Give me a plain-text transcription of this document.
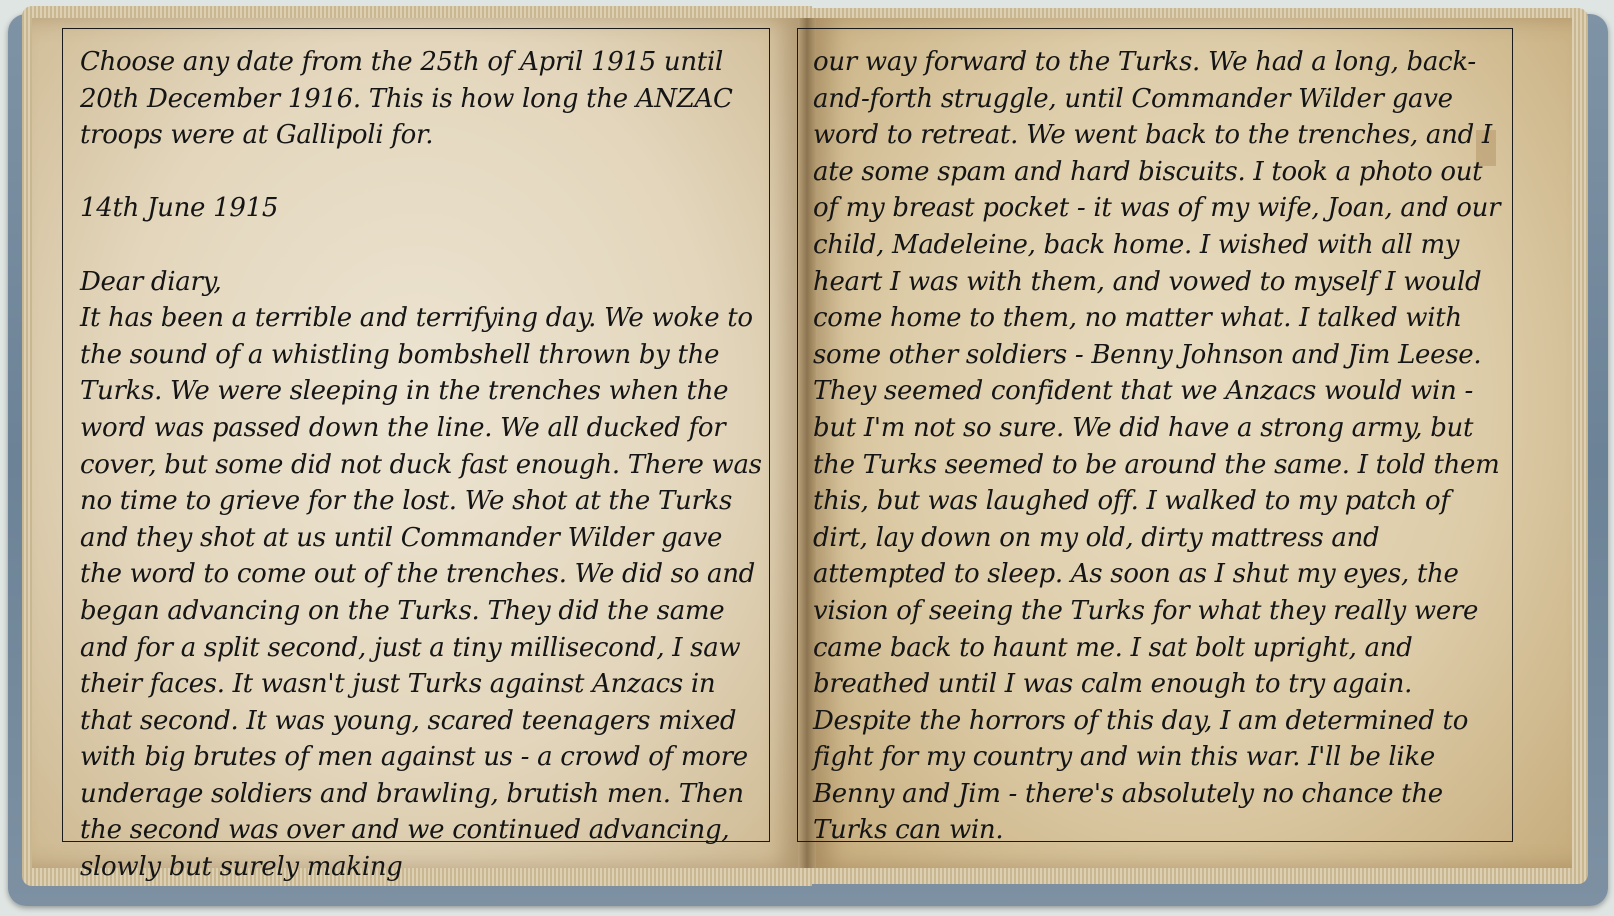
Choose any date from the 25th of April 1915 until 20th December 1916. This is how long the ANZAC troops were at Gallipoli for.

14th June 1915

Dear diary,

It has been a terrible and terrifying day. We woke to the sound of a whistling bombshell thrown by the Turks. We were sleeping in the trenches when the word was passed down the line. We all ducked for cover, but some did not duck fast enough. There was no time to grieve for the lost. We shot at the Turks and they shot at us until Commander Wilder gave the word to come out of the trenches. We did so and began advancing on the Turks. They did the same and for a split second, just a tiny millisecond, I saw their faces. It wasn't just Turks against Anzacs in that second. It was young, scared teenagers mixed with big brutes of men against us - a crowd of more underage soldiers and brawling, brutish men. Then the second was over and we continued advancing, slowly but surely making

our way forward to the Turks. We had a long, back-and-forth struggle, until Commander Wilder gave word to retreat. We went back to the trenches, and I ate some spam and hard biscuits. I took a photo out of my breast pocket - it was of my wife, Joan, and our child, Madeleine, back home. I wished with all my heart I was with them, and vowed to myself I would come home to them, no matter what. I talked with some other soldiers - Benny Johnson and Jim Leese. They seemed confident that we Anzacs would win - but I'm not so sure. We did have a strong army, but the Turks seemed to be around the same. I told them this, but was laughed off. I walked to my patch of dirt, lay down on my old, dirty mattress and attempted to sleep. As soon as I shut my eyes, the vision of seeing the Turks for what they really were came back to haunt me. I sat bolt upright, and breathed until I was calm enough to try again. Despite the horrors of this day, I am determined to fight for my country and win this war. I'll be like Benny and Jim - there's absolutely no chance the Turks can win.
